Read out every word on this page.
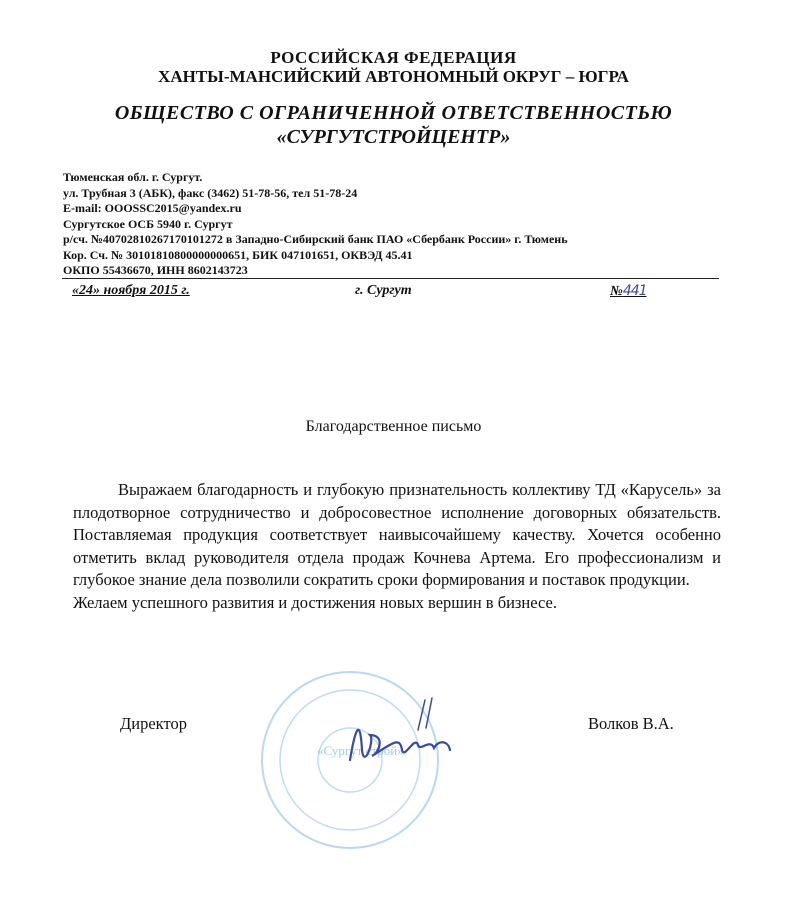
РОССИЙСКАЯ ФЕДЕРАЦИЯ
ХАНТЫ-МАНСИЙСКИЙ АВТОНОМНЫЙ ОКРУГ – ЮГРА
ОБЩЕСТВО С ОГРАНИЧЕННОЙ ОТВЕТСТВЕННОСТЬЮ
«СУРГУТСТРОЙЦЕНТР»
Тюменская обл. г. Сургут.
ул. Трубная 3 (АБК), факс (3462) 51-78-56, тел 51-78-24
E-mail: OOOSSC2015@yandex.ru
Сургутское ОСБ 5940 г. Сургут
р/сч. №40702810267170101272 в Западно-Сибирский банк ПАО «Сбербанк России» г. Тюмень
Кор. Сч. № 30101810800000000651, БИК 047101651, ОКВЭД 45.41
ОКПО 55436670, ИНН 8602143723
«24» ноября 2015 г.	г. Сургут	№441
Благодарственное письмо

Выражаем благодарность и глубокую признательность коллективу ТД «Карусель» за плодотворное сотрудничество и добросовестное исполнение договорных обязательств. Поставляемая продукция соответствует наивысочайшему качеству. Хочется особенно отметить вклад руководителя отдела продаж Кочнева Артема. Его профессионализм и глубокое знание дела позволили сократить сроки формирования и поставок продукции.

Желаем успешного развития и достижения новых вершин в бизнесе.

Директор	Волков В.А.
«Сургут строй»
